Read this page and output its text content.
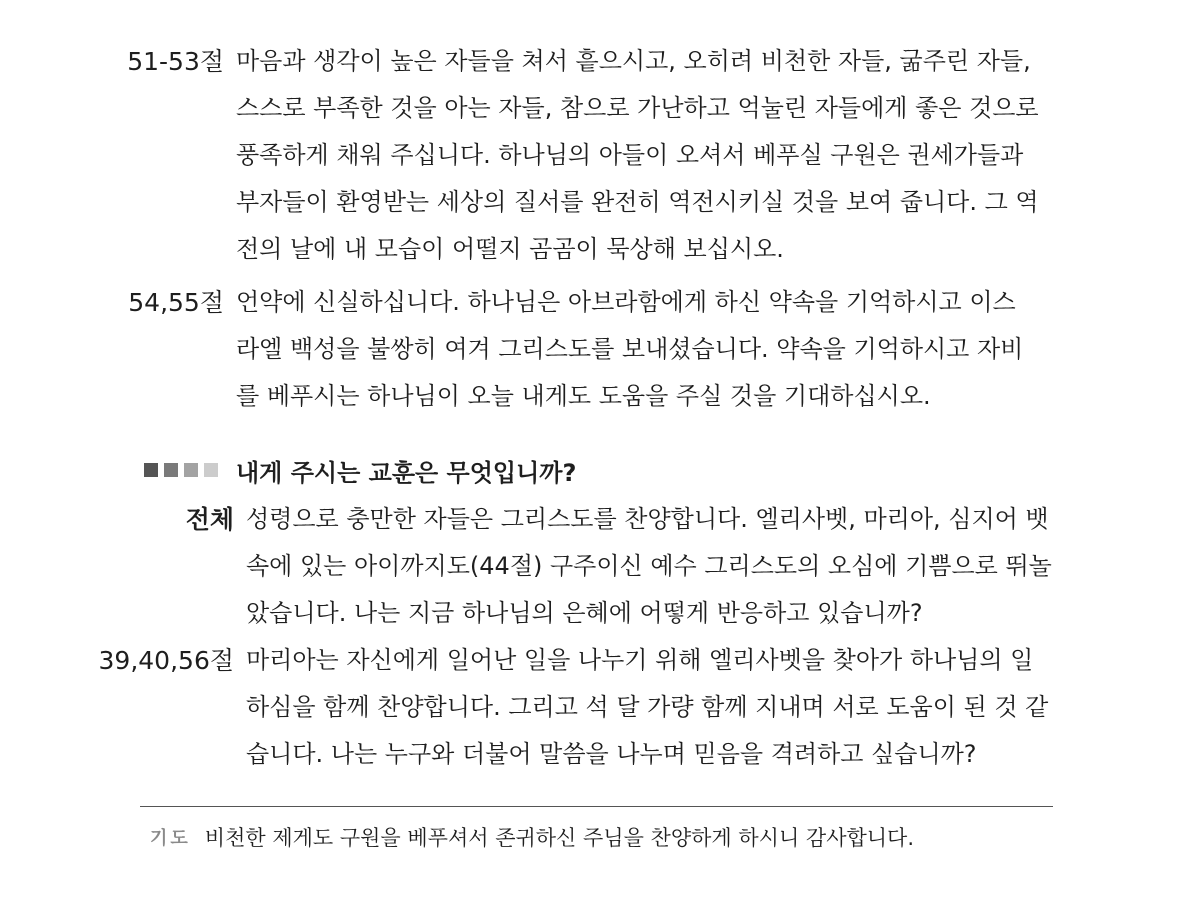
51-53절 마음과 생각이 높은 자들을 쳐서 흩으시고, 오히려 비천한 자들, 굶주린 자들,
스스로 부족한 것을 아는 자들, 참으로 가난하고 억눌린 자들에게 좋은 것으로
풍족하게 채워 주십니다. 하나님의 아들이 오셔서 베푸실 구원은 권세가들과
부자들이 환영받는 세상의 질서를 완전히 역전시키실 것을 보여 줍니다. 그 역
전의 날에 내 모습이 어떨지 곰곰이 묵상해 보십시오.
54,55절 언약에 신실하십니다. 하나님은 아브라함에게 하신 약속을 기억하시고 이스
라엘 백성을 불쌍히 여겨 그리스도를 보내셨습니다. 약속을 기억하시고 자비
를 베푸시는 하나님이 오늘 내게도 도움을 주실 것을 기대하십시오.
내게 주시는 교훈은 무엇입니까?
전체 성령으로 충만한 자들은 그리스도를 찬양합니다. 엘리사벳, 마리아, 심지어 뱃
속에 있는 아이까지도(44절) 구주이신 예수 그리스도의 오심에 기쁨으로 뛰놀
았습니다. 나는 지금 하나님의 은혜에 어떻게 반응하고 있습니까?
39,40,56절 마리아는 자신에게 일어난 일을 나누기 위해 엘리사벳을 찾아가 하나님의 일
하심을 함께 찬양합니다. 그리고 석 달 가량 함께 지내며 서로 도움이 된 것 같
습니다. 나는 누구와 더불어 말씀을 나누며 믿음을 격려하고 싶습니까?
기도 비천한 제게도 구원을 베푸셔서 존귀하신 주님을 찬양하게 하시니 감사합니다.
